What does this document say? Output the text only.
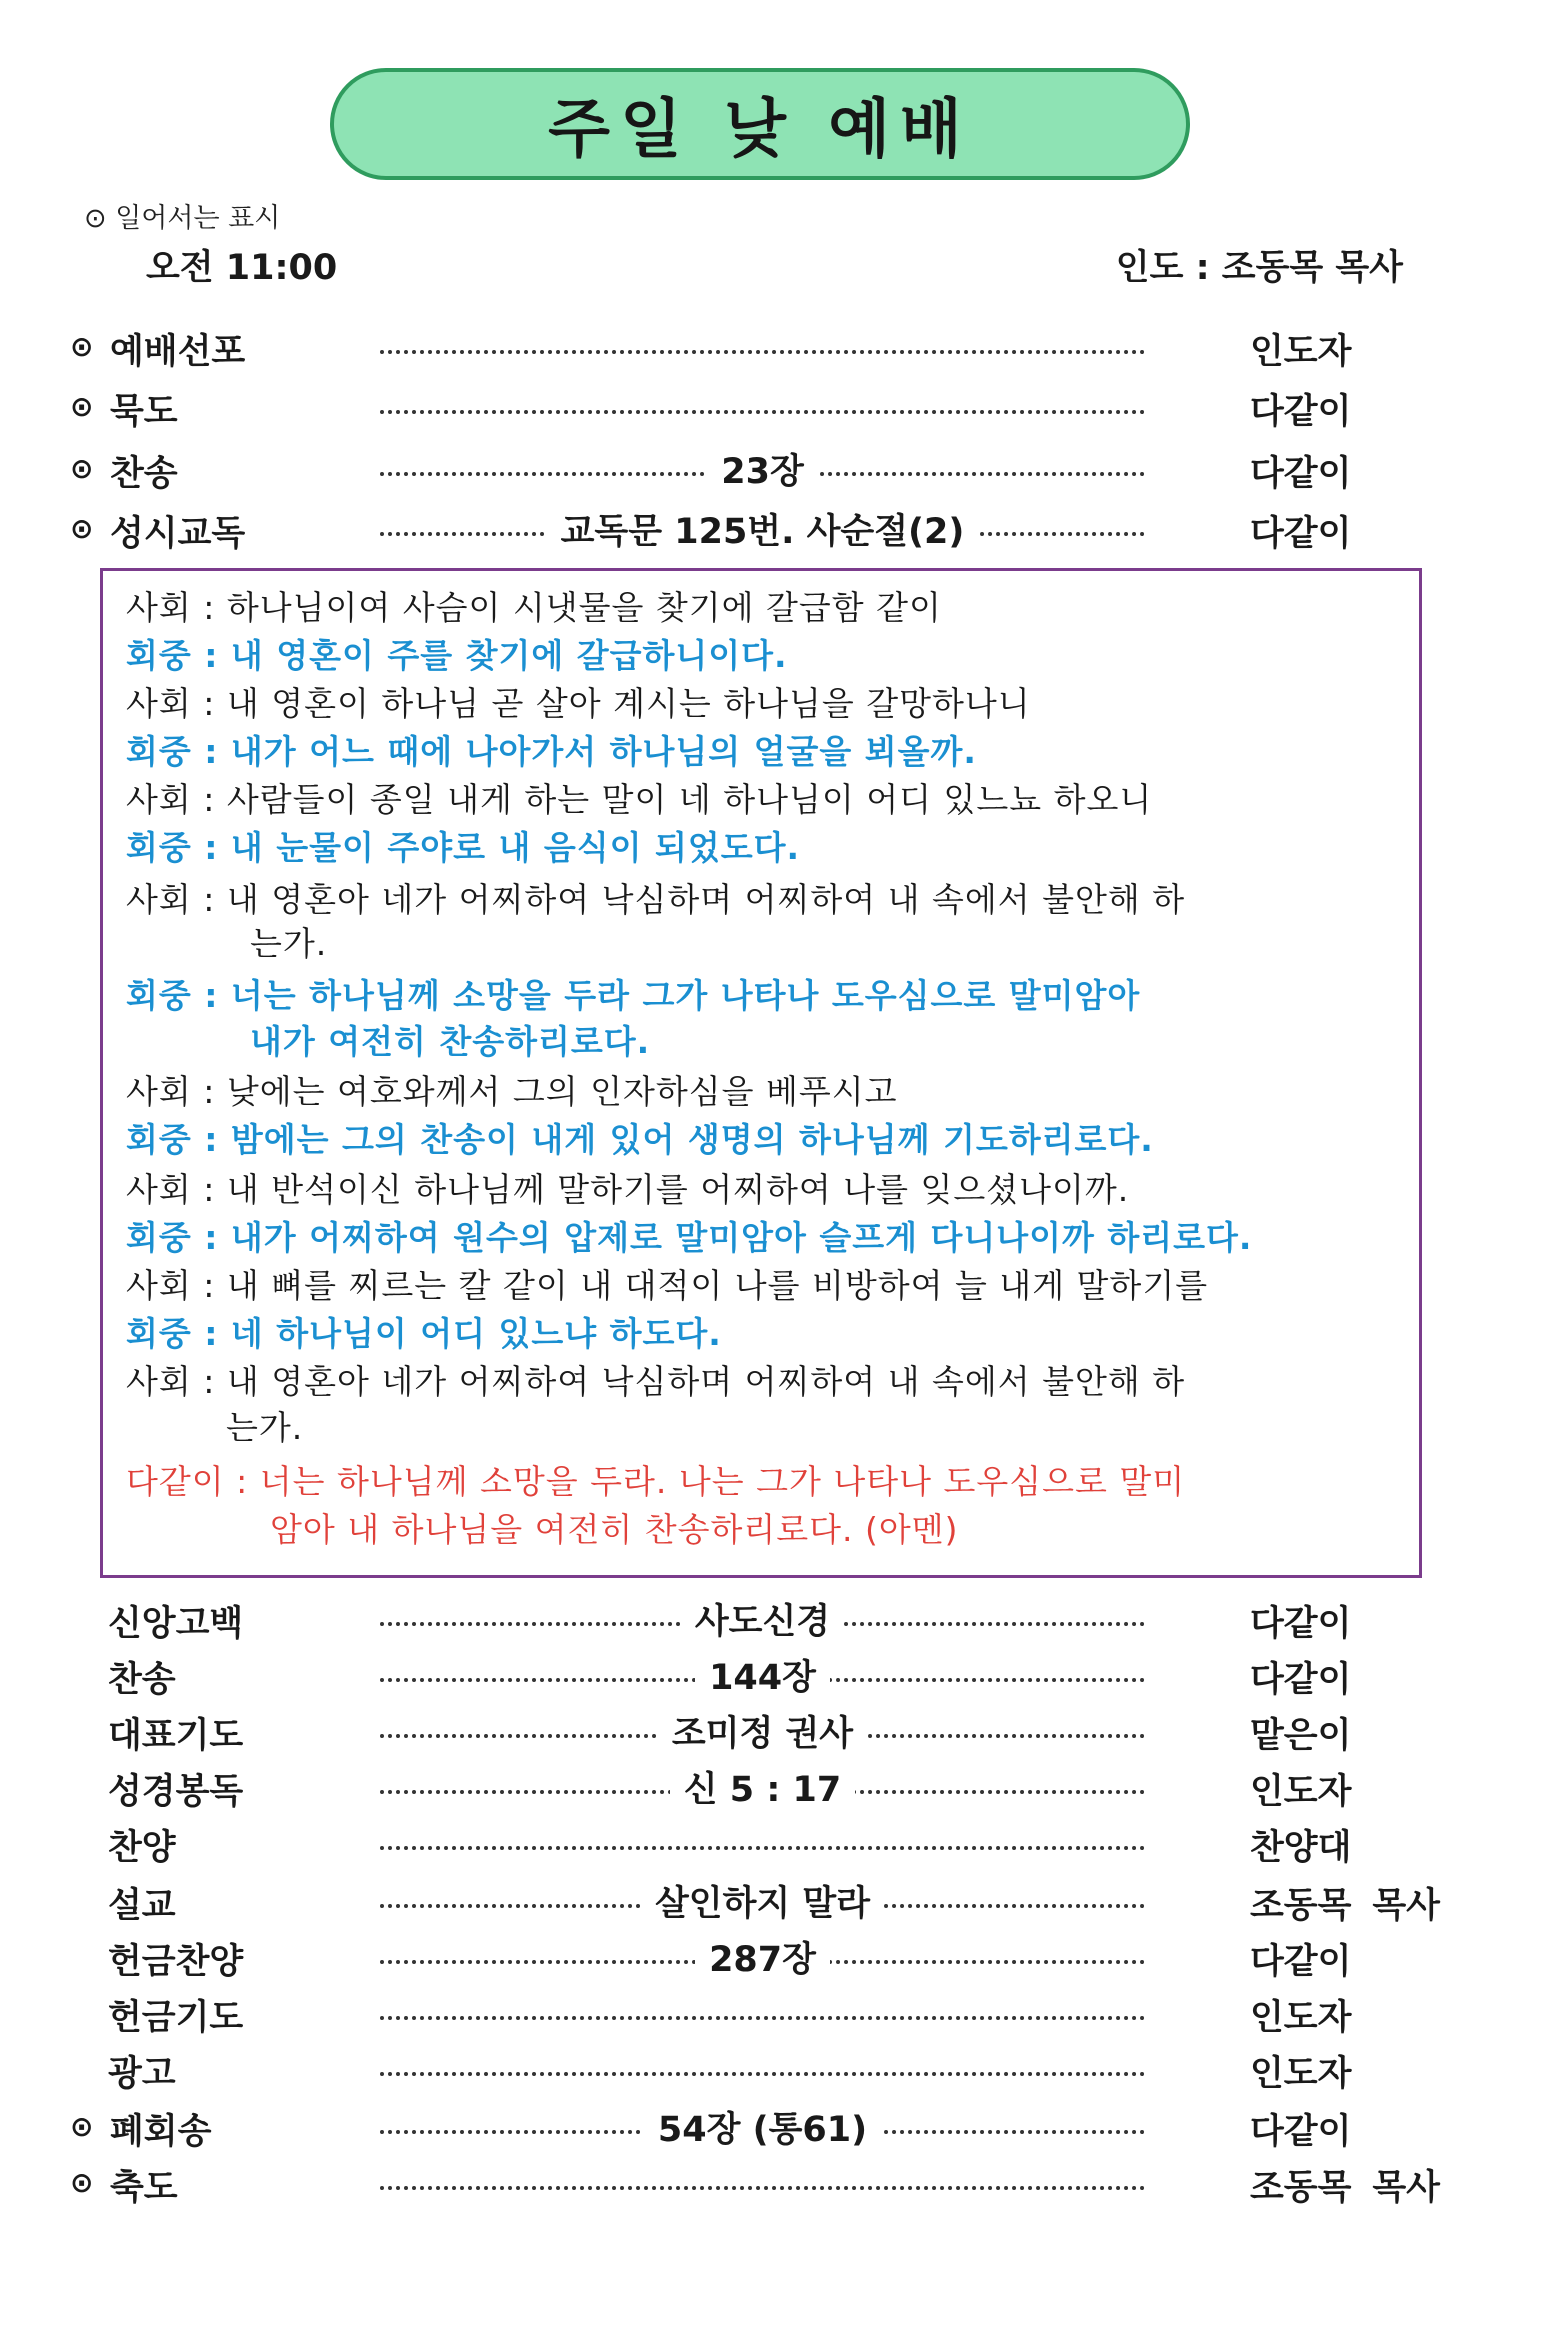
주일 낮 예배
⊙ 일어서는 표시
오전 11:00	인도 : 조동목 목사
⊙ 예배선포	인도자
⊙ 묵도	다같이
⊙ 찬송	23장	다같이
⊙ 성시교독	교독문 125번. 사순절(2)	다같이
사회 : 하나님이여 사슴이 시냇물을 찾기에 갈급함 같이
회중 : 내 영혼이 주를 찾기에 갈급하니이다.
사회 : 내 영혼이 하나님 곧 살아 계시는 하나님을 갈망하나니
회중 : 내가 어느 때에 나아가서 하나님의 얼굴을 뵈올까.
사회 : 사람들이 종일 내게 하는 말이 네 하나님이 어디 있느뇨 하오니
회중 : 내 눈물이 주야로 내 음식이 되었도다.
사회 : 내 영혼아 네가 어찌하여 낙심하며 어찌하여 내 속에서 불안해 하
는가.
회중 : 너는 하나님께 소망을 두라 그가 나타나 도우심으로 말미암아
내가 여전히 찬송하리로다.
사회 : 낮에는 여호와께서 그의 인자하심을 베푸시고
회중 : 밤에는 그의 찬송이 내게 있어 생명의 하나님께 기도하리로다.
사회 : 내 반석이신 하나님께 말하기를 어찌하여 나를 잊으셨나이까.
회중 : 내가 어찌하여 원수의 압제로 말미암아 슬프게 다니나이까 하리로다.
사회 : 내 뼈를 찌르는 칼 같이 내 대적이 나를 비방하여 늘 내게 말하기를
회중 : 네 하나님이 어디 있느냐 하도다.
사회 : 내 영혼아 네가 어찌하여 낙심하며 어찌하여 내 속에서 불안해 하
는가.
다같이 : 너는 하나님께 소망을 두라. 나는 그가 나타나 도우심으로 말미
암아 내 하나님을 여전히 찬송하리로다. (아멘)
신앙고백	사도신경	다같이
찬송	144장	다같이
대표기도	조미정 권사	맡은이
성경봉독	신 5 : 17	인도자
찬양	찬양대
설교	살인하지 말라	조동목 목사
헌금찬양	287장	다같이
헌금기도	인도자
광고	인도자
⊙ 폐회송	54장 (통61)	다같이
⊙ 축도	조동목 목사
